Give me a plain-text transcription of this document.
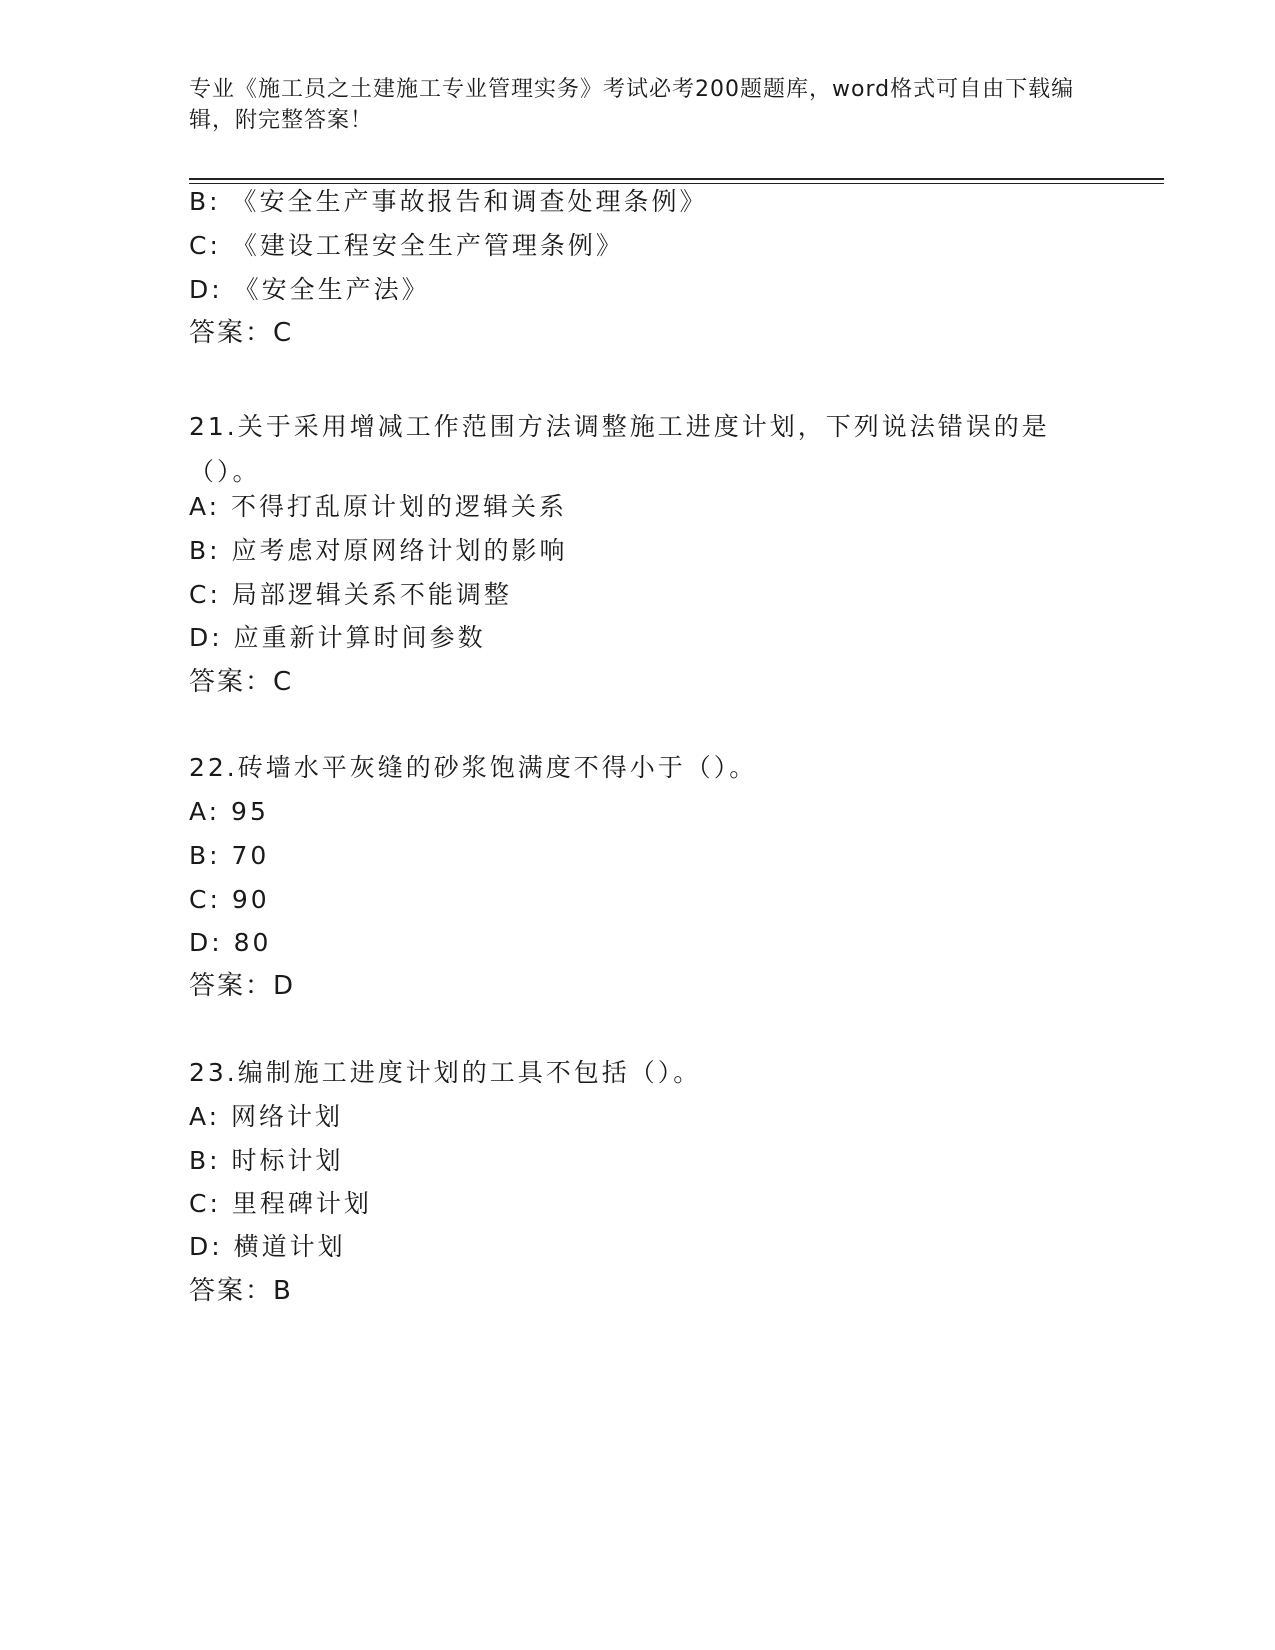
专业《施工员之土建施工专业管理实务》考试必考200题题库，word格式可自由下载编辑，附完整答案！
B: 《安全生产事故报告和调查处理条例》
C: 《建设工程安全生产管理条例》
D: 《安全生产法》
答案：C
21.关于采用增减工作范围方法调整施工进度计划，下列说法错误的是（）。
A: 不得打乱原计划的逻辑关系
B: 应考虑对原网络计划的影响
C: 局部逻辑关系不能调整
D: 应重新计算时间参数
答案：C
22.砖墙水平灰缝的砂浆饱满度不得小于（）。
A: 95
B: 70
C: 90
D: 80
答案：D
23.编制施工进度计划的工具不包括（）。
A: 网络计划
B: 时标计划
C: 里程碑计划
D: 横道计划
答案：B
